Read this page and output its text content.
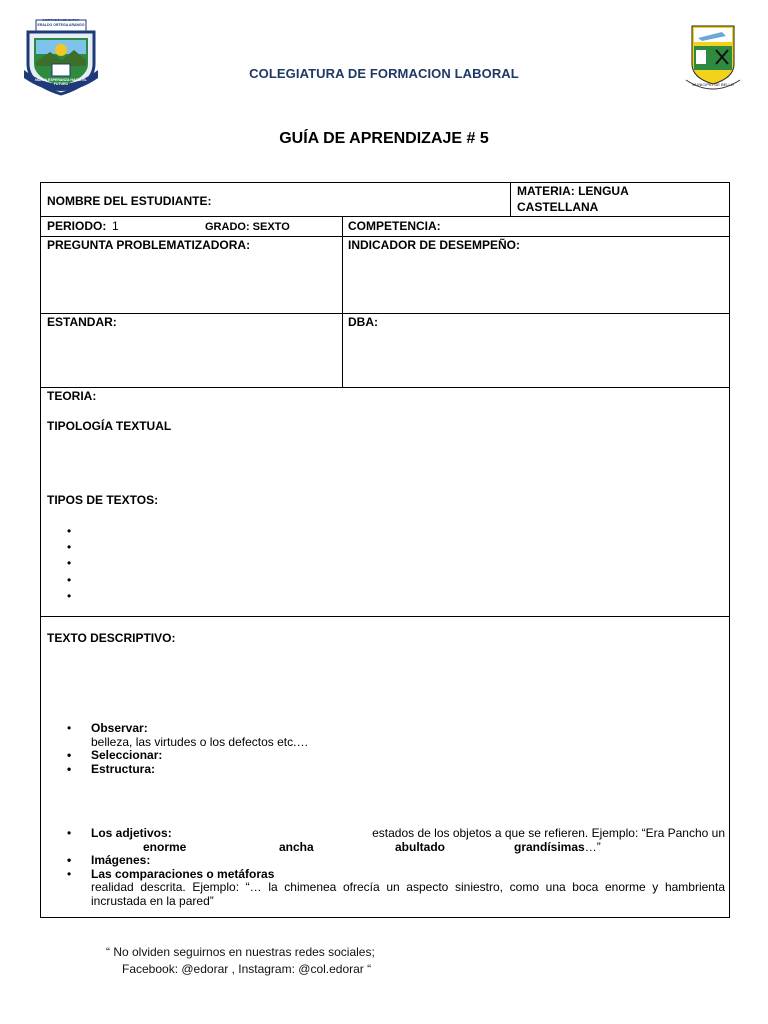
INSTITUCIÓN EDUCATIVA
ERALDO ORTEGA ARANGO
NUEVA ESPERANZA HACIA EL FUTURO
COLEGIATURA DE FORMACION LABORAL
MUNICIPIO DE BELLO
GUÍA DE APRENDIZAJE # 5
NOMBRE DEL ESTUDIANTE:
MATERIA: LENGUA
CASTELLANA
PERIODO: 1	GRADO: SEXTO	COMPETENCIA:
PREGUNTA PROBLEMATIZADORA:	INDICADOR DE DESEMPEÑO:
ESTANDAR:	DBA:
TEORIA:
TIPOLOGÍA TEXTUAL
TIPOS DE TEXTOS:
•
•
•
•
•
TEXTO DESCRIPTIVO:
• Observar:
belleza, las virtudes o los defectos etc.…
• Seleccionar:
• Estructura:
• Los adjetivos:	estados de los objetos a que se refieren. Ejemplo: “Era Pancho un
enorme	ancha	abultado	grandísimas…”
• Imágenes:
• Las comparaciones o metáforas

realidad descrita. Ejemplo: “… la chimenea ofrecía un aspecto siniestro, como una boca enorme y hambrienta
incrustada en la pared”
“ No olviden seguirnos en nuestras redes sociales;
Facebook: @edorar , Instagram: @col.edorar “
